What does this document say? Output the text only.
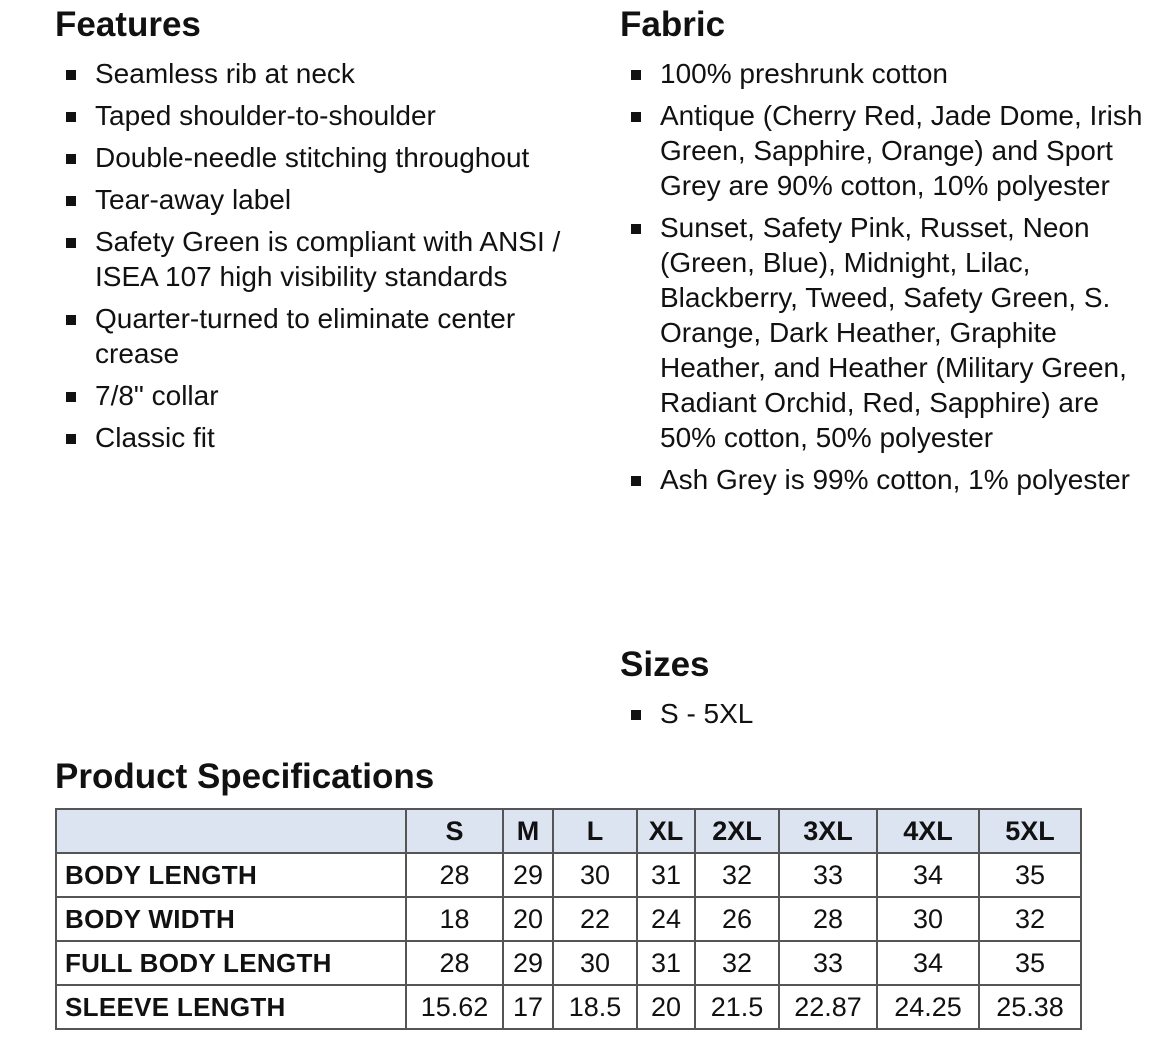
Features
Seamless rib at neck
Taped shoulder-to-shoulder
Double-needle stitching throughout
Tear-away label
Safety Green is compliant with ANSI / ISEA 107 high visibility standards
Quarter-turned to eliminate center crease
7/8" collar
Classic fit
Fabric
100% preshrunk cotton
Antique (Cherry Red, Jade Dome, Irish Green, Sapphire, Orange) and Sport Grey are 90% cotton, 10% polyester
Sunset, Safety Pink, Russet, Neon (Green, Blue), Midnight, Lilac, Blackberry, Tweed, Safety Green, S. Orange, Dark Heather, Graphite Heather, and Heather (Military Green, Radiant Orchid, Red, Sapphire) are 50% cotton, 50% polyester
Ash Grey is 99% cotton, 1% polyester
Sizes
S - 5XL
Product Specifications
	S	M	L	XL	2XL	3XL	4XL	5XL
BODY LENGTH	28	29	30	31	32	33	34	35
BODY WIDTH	18	20	22	24	26	28	30	32
FULL BODY LENGTH	28	29	30	31	32	33	34	35
SLEEVE LENGTH	15.62	17	18.5	20	21.5	22.87	24.25	25.38
